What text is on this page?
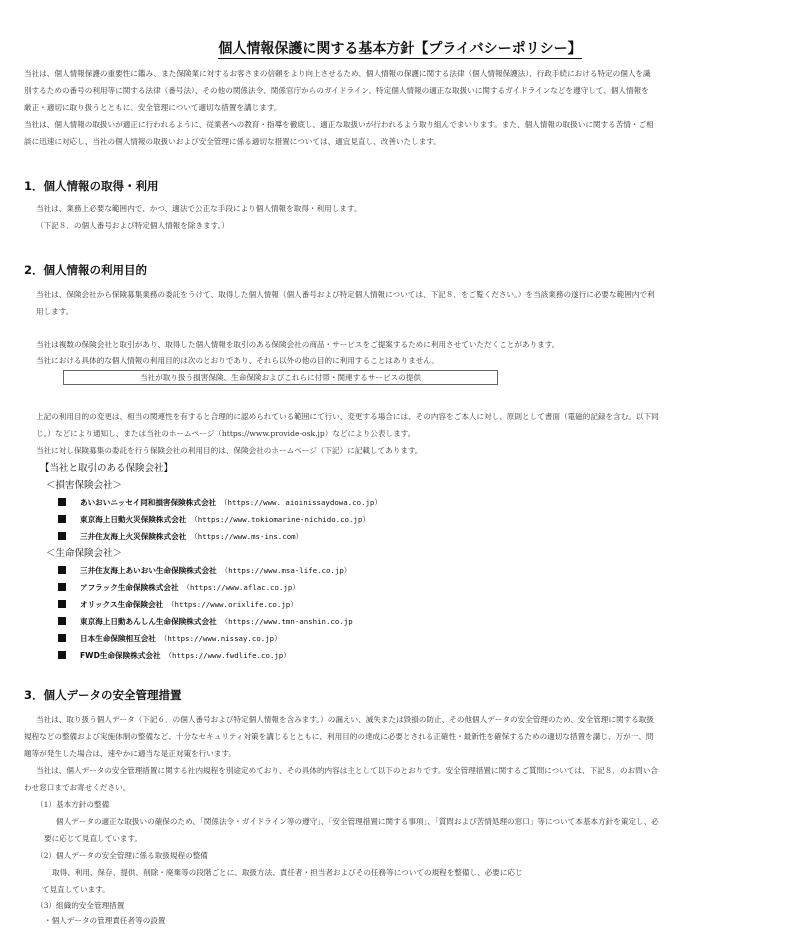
個人情報保護に関する基本方針【プライバシーポリシー】
当社は、個人情報保護の重要性に鑑み、また保険業に対するお客さまの信頼をより向上させるため、個人情報の保護に関する法律（個人情報保護法）、行政手続における特定の個人を識
別するための番号の利用等に関する法律（番号法）、その他の関係法令、関係官庁からのガイドライン、特定個人情報の適正な取扱いに関するガイドラインなどを遵守して、個人情報を
厳正・適切に取り扱うとともに、安全管理について適切な措置を講じます。
当社は、個人情報の取扱いが適正に行われるように、従業者への教育・指導を徹底し、適正な取扱いが行われるよう取り組んでまいります。また、個人情報の取扱いに関する苦情・ご相
談に迅速に対応し、当社の個人情報の取扱いおよび安全管理に係る適切な措置については、適宜見直し、改善いたします。
1．個人情報の取得・利用
当社は、業務上必要な範囲内で、かつ、適法で公正な手段により個人情報を取得・利用します。
（下記８．の個人番号および特定個人情報を除きます。）
2．個人情報の利用目的
当社は、保険会社から保険募集業務の委託をうけて、取得した個人情報（個人番号および特定個人情報については、下記８．をご覧ください。）を当該業務の遂行に必要な範囲内で利
用します。
当社は複数の保険会社と取引があり、取得した個人情報を取引のある保険会社の商品・サービスをご提案するために利用させていただくことがあります。
当社における具体的な個人情報の利用目的は次のとおりであり、それら以外の他の目的に利用することはありません。
当社が取り扱う損害保険、生命保険およびこれらに付帯・関連するサービスの提供
上記の利用目的の変更は、相当の関連性を有すると合理的に認められている範囲にて行い、変更する場合には、その内容をご本人に対し、原則として書面（電磁的記録を含む。以下同
じ。）などにより通知し、または当社のホームページ（https://www.provide-osk.jp）などにより公表します。
当社に対し保険募集の委託を行う保険会社の利用目的は、保険会社のホームページ（下記）に記載してあります。
【当社と取引のある保険会社】
＜損害保険会社＞
あいおいニッセイ同和損害保険株式会社 （https://www. aioinissaydowa.co.jp）
東京海上日動火災保険株式会社 （https://www.tokiomarine-nichido.co.jp）
三井住友海上火災保険株式会社 （https://www.ms-ins.com）
＜生命保険会社＞
三井住友海上あいおい生命保険株式会社 （https://www.msa-life.co.jp）
アフラック生命保険株式会社 （https://www.aflac.co.jp）
オリックス生命保険会社 （https://www.orixlife.co.jp）
東京海上日動あんしん生命保険株式会社 （https://www.tmn-anshin.co.jp
日本生命保険相互会社 （https://www.nissay.co.jp）
FWD生命保険株式会社 （https://www.fwdlife.co.jp）
3．個人データの安全管理措置
当社は、取り扱う個人データ（下記６．の個人番号および特定個人情報を含みます。）の漏えい、滅失または毀損の防止、その他個人データの安全管理のため、安全管理に関する取扱
規程などの整備および実施体制の整備など、十分なセキュリティ対策を講じるとともに、利用目的の達成に必要とされる正確性・最新性を確保するための適切な措置を講じ、万が一、問
題等が発生した場合は、速やかに適当な是正対策を行います。
当社は、個人データの安全管理措置に関する社内規程を別途定めており、その具体的内容は主として以下のとおりです。安全管理措置に関するご質問については、下記８．のお問い合
わせ窓口までお寄せください。
（1）基本方針の整備
個人データの適正な取扱いの確保のため、「関係法令・ガイドライン等の遵守」、「安全管理措置に関する事項」、「質問および苦情処理の窓口」等について本基本方針を策定し、必
要に応じて見直しています。
（2）個人データの安全管理に係る取扱規程の整備
取得、利用、保存、提供、削除・廃棄等の段階ごとに、取扱方法、責任者・担当者およびその任務等についての規程を整備し、必要に応じ
て見直しています。
（3）組織的安全管理措置
・個人データの管理責任者等の設置
